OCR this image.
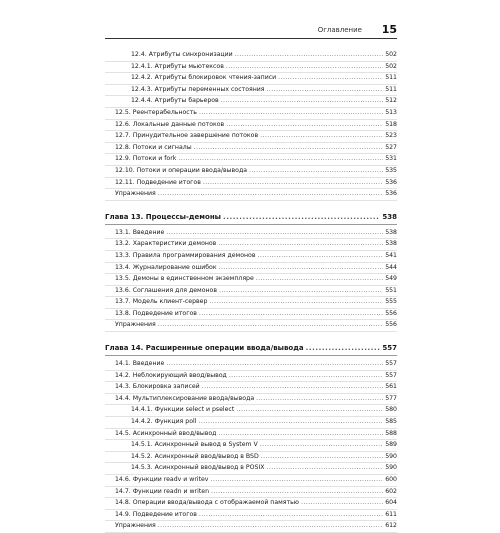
Оглавление 15
12.4. Атрибуты синхронизации .....	502
12.4.1. Атрибуты мьютексов .....	502
12.4.2. Атрибуты блокировок чтения-записи .....	511
12.4.3. Атрибуты переменных состояния .....	511
12.4.4. Атрибуты барьеров .....	512
12.5. Реентерабельность .....	513
12.6. Локальные данные потоков .....	518
12.7. Принудительное завершение потоков .....	523
12.8. Потоки и сигналы .....	527
12.9. Потоки и fork .....	531
12.10. Потоки и операции ввода/вывода .....	535
12.11. Подведение итогов .....	536
Упражнения .....	536
Глава 13. Процессы-демоны .....	538
13.1. Введение .....	538
13.2. Характеристики демонов .....	538
13.3. Правила программирования демонов .....	541
13.4. Журналирование ошибок .....	544
13.5. Демоны в единственном экземпляре .....	549
13.6. Соглашения для демонов .....	551
13.7. Модель клиент-сервер .....	555
13.8. Подведение итогов .....	556
Упражнения .....	556
Глава 14. Расширенные операции ввода/вывода .....	557
14.1. Введение .....	557
14.2. Неблокирующий ввод/вывод .....	557
14.3. Блокировка записей .....	561
14.4. Мультиплексирование ввода/вывода .....	577
14.4.1. Функции select и pselect .....	580
14.4.2. Функция poll .....	585
14.5. Асинхронный ввод/вывод .....	588
14.5.1. Асинхронный вывод в System V .....	589
14.5.2. Асинхронный ввод/вывод в BSD .....	590
14.5.3. Асинхронный ввод/вывод в POSIX .....	590
14.6. Функции readv и writev .....	600
14.7. Функции readn и writen .....	602
14.8. Операции ввода/вывода с отображаемой памятью .....	604
14.9. Подведение итогов .....	611
Упражнения .....	612
